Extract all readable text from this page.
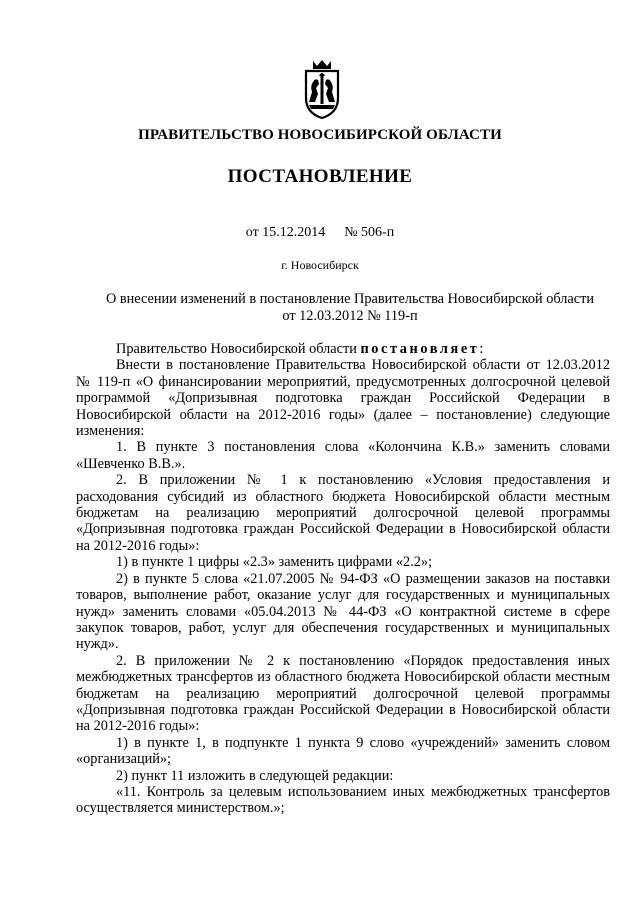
ПРАВИТЕЛЬСТВО НОВОСИБИРСКОЙ ОБЛАСТИ
ПОСТАНОВЛЕНИЕ
от 15.12.2014 № 506-п
г. Новосибирск
О внесении изменений в постановление Правительства Новосибирской области
от 12.03.2012 № 119-п

Правительство Новосибирской области постановляет:

Внести в постановление Правительства Новосибирской области от 12.03.2012 № 119-п «О финансировании мероприятий, предусмотренных долгосрочной целевой программой «Допризывная подготовка граждан Российской Федерации в Новосибирской области на 2012-2016 годы» (далее – постановление) следующие изменения:

1. В пункте 3 постановления слова «Колончина К.В.» заменить словами «Шевченко В.В.».

2. В приложении № 1 к постановлению «Условия предоставления и расходования субсидий из областного бюджета Новосибирской области местным бюджетам на реализацию мероприятий долгосрочной целевой программы «Допризывная подготовка граждан Российской Федерации в Новосибирской области на 2012-2016 годы»:

1) в пункте 1 цифры «2.3» заменить цифрами «2.2»;

2) в пункте 5 слова «21.07.2005 № 94-ФЗ «О размещении заказов на поставки товаров, выполнение работ, оказание услуг для государственных и муниципальных нужд» заменить словами «05.04.2013 № 44-ФЗ «О контрактной системе в сфере закупок товаров, работ, услуг для обеспечения государственных и муниципальных нужд».

2. В приложении № 2 к постановлению «Порядок предоставления иных межбюджетных трансфертов из областного бюджета Новосибирской области местным бюджетам на реализацию мероприятий долгосрочной целевой программы «Допризывная подготовка граждан Российской Федерации в Новосибирской области на 2012-2016 годы»:

1) в пункте 1, в подпункте 1 пункта 9 слово «учреждений» заменить словом «организаций»;

2) пункт 11 изложить в следующей редакции:

«11. Контроль за целевым использованием иных межбюджетных трансфертов осуществляется министерством.»;
